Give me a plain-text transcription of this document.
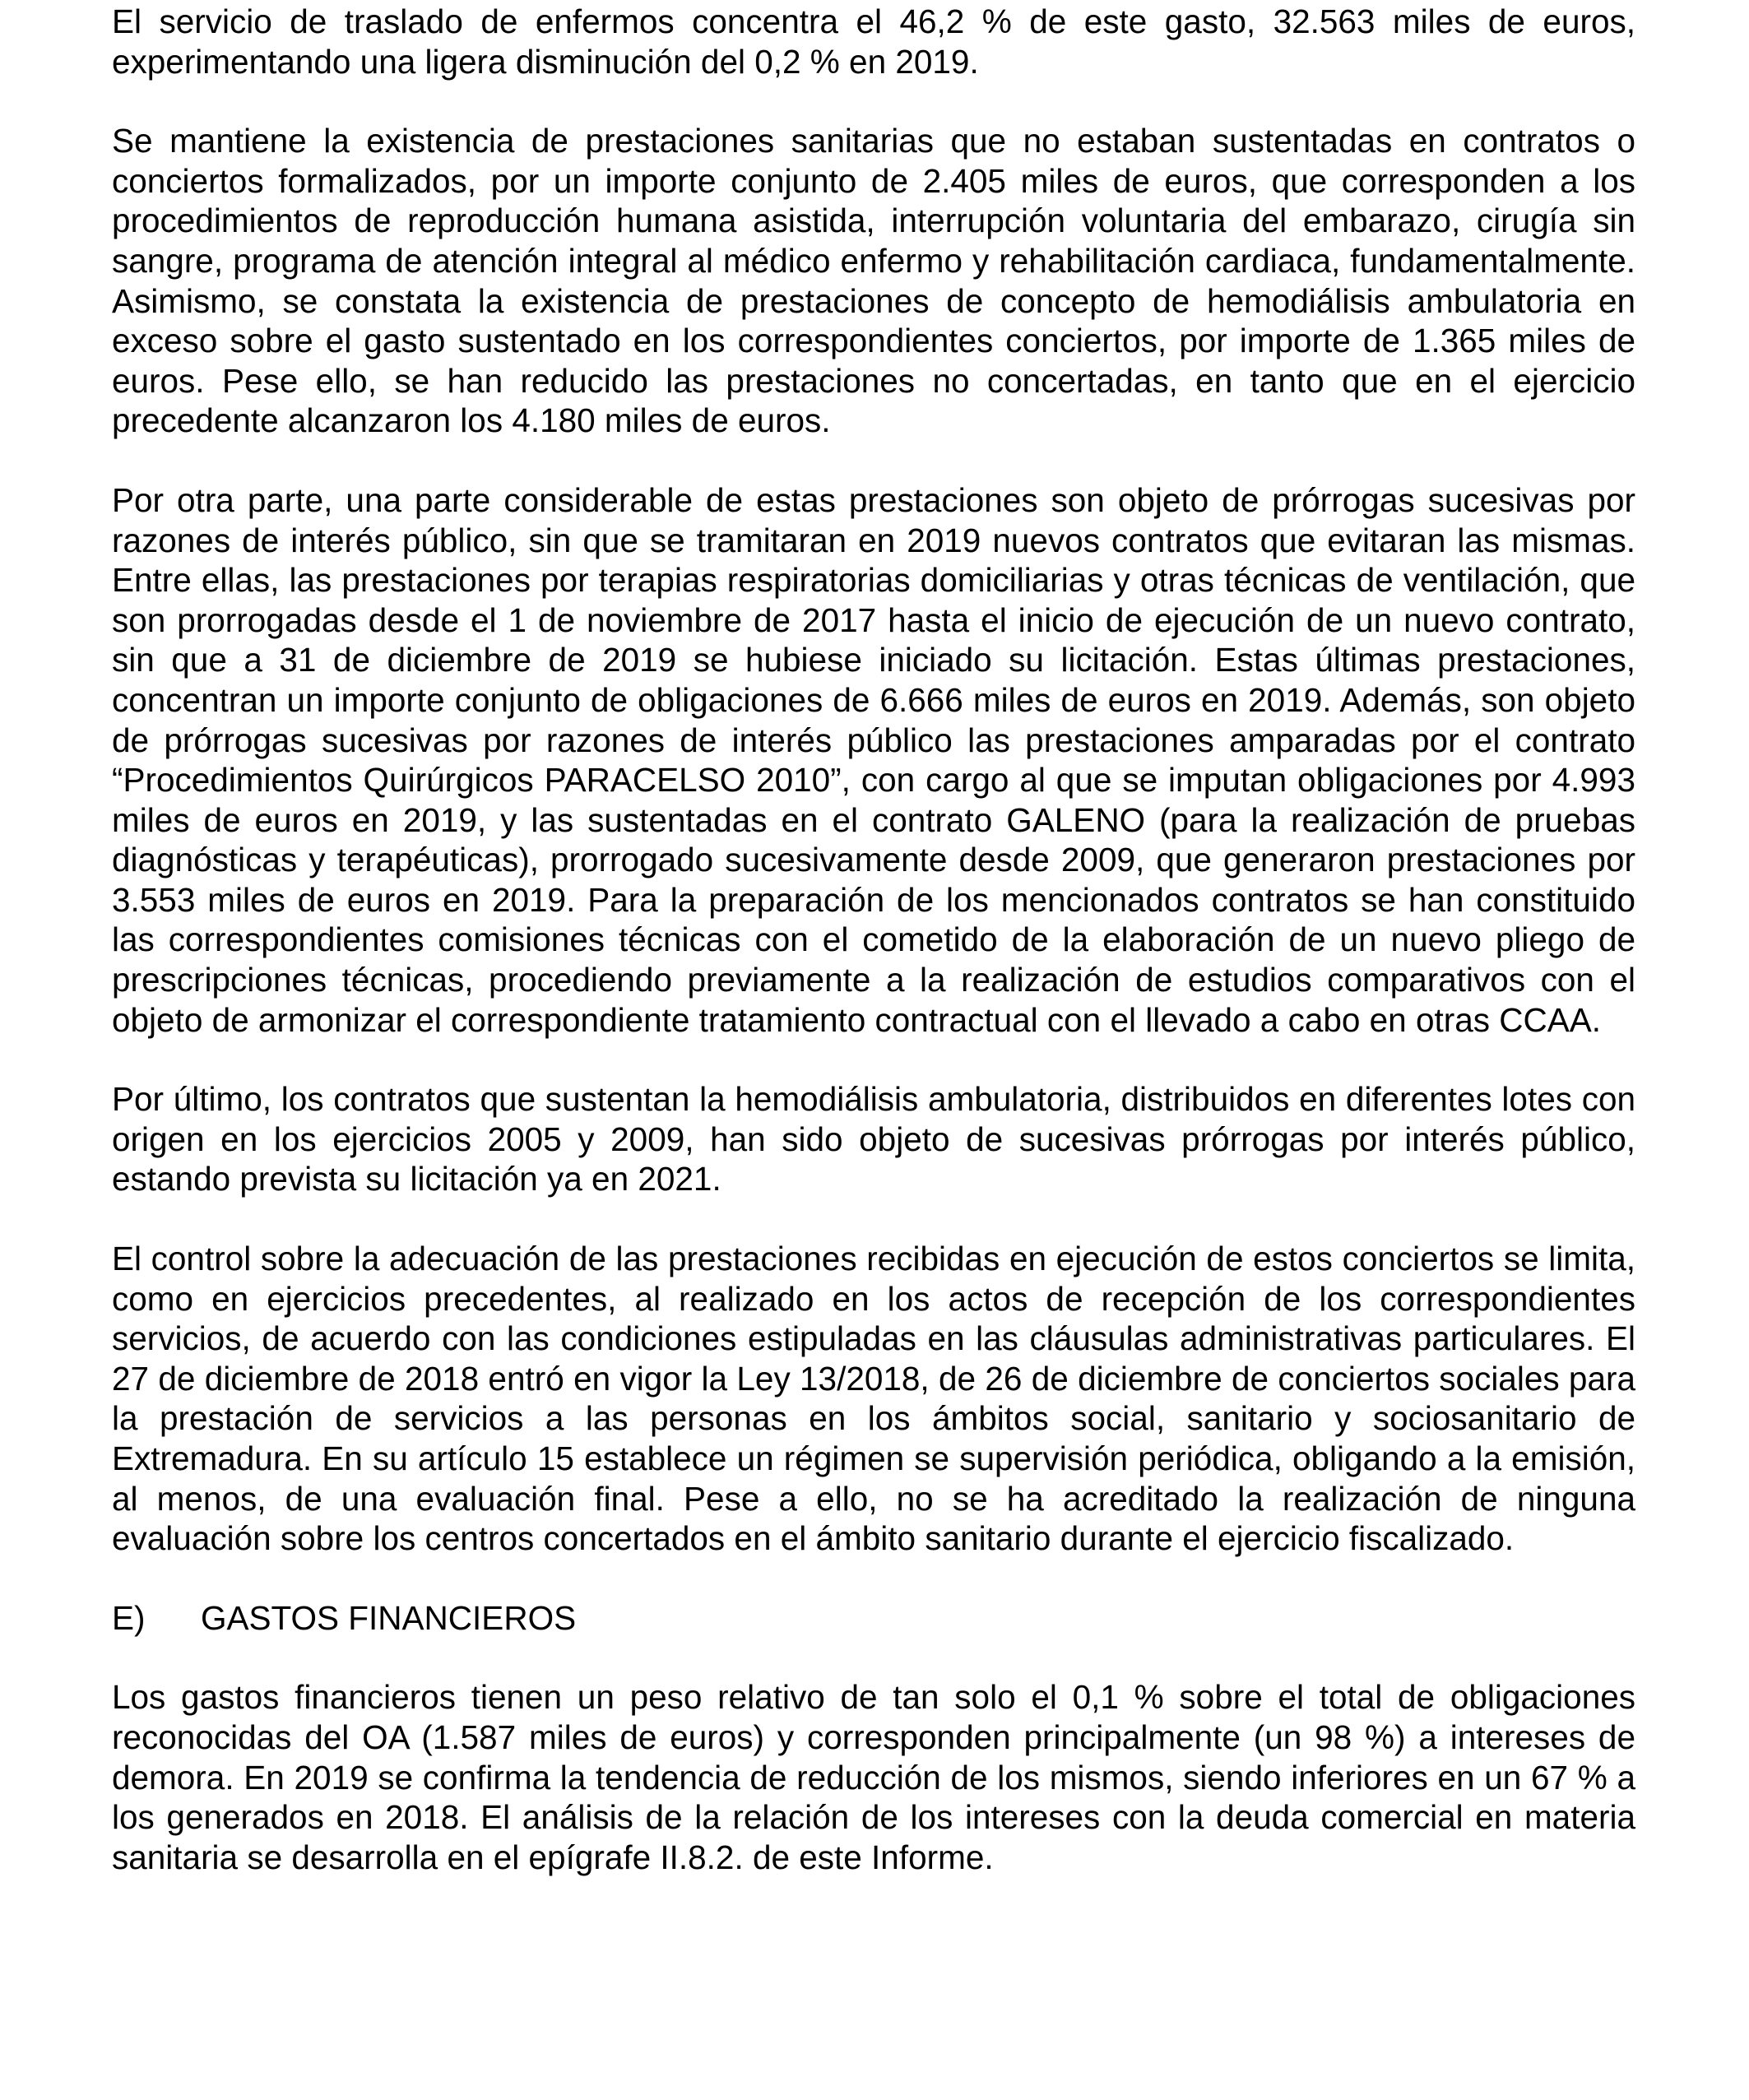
El servicio de traslado de enfermos concentra el 46,2 % de este gasto, 32.563 miles de euros, experimentando una ligera disminución del 0,2 % en 2019.

Se mantiene la existencia de prestaciones sanitarias que no estaban sustentadas en contratos o conciertos formalizados, por un importe conjunto de 2.405 miles de euros, que corresponden a los procedimientos de reproducción humana asistida, interrupción voluntaria del embarazo, cirugía sin sangre, programa de atención integral al médico enfermo y rehabilitación cardiaca, fundamentalmente. Asimismo, se constata la existencia de prestaciones de concepto de hemodiálisis ambulatoria en exceso sobre el gasto sustentado en los correspondientes conciertos, por importe de 1.365 miles de euros. Pese ello, se han reducido las prestaciones no concertadas, en tanto que en el ejercicio precedente alcanzaron los 4.180 miles de euros.

Por otra parte, una parte considerable de estas prestaciones son objeto de prórrogas sucesivas por razones de interés público, sin que se tramitaran en 2019 nuevos contratos que evitaran las mismas. Entre ellas, las prestaciones por terapias respiratorias domiciliarias y otras técnicas de ventilación, que son prorrogadas desde el 1 de noviembre de 2017 hasta el inicio de ejecución de un nuevo contrato, sin que a 31 de diciembre de 2019 se hubiese iniciado su licitación. Estas últimas prestaciones, concentran un importe conjunto de obligaciones de 6.666 miles de euros en 2019. Además, son objeto de prórrogas sucesivas por razones de interés público las prestaciones amparadas por el contrato “Procedimientos Quirúrgicos PARACELSO 2010”, con cargo al que se imputan obligaciones por 4.993 miles de euros en 2019, y las sustentadas en el contrato GALENO (para la realización de pruebas diagnósticas y terapéuticas), prorrogado sucesivamente desde 2009, que generaron prestaciones por 3.553 miles de euros en 2019. Para la preparación de los mencionados contratos se han constituido las correspondientes comisiones técnicas con el cometido de la elaboración de un nuevo pliego de prescripciones técnicas, procediendo previamente a la realización de estudios comparativos con el objeto de armonizar el correspondiente tratamiento contractual con el llevado a cabo en otras CCAA.

Por último, los contratos que sustentan la hemodiálisis ambulatoria, distribuidos en diferentes lotes con origen en los ejercicios 2005 y 2009, han sido objeto de sucesivas prórrogas por interés público, estando prevista su licitación ya en 2021.

El control sobre la adecuación de las prestaciones recibidas en ejecución de estos conciertos se limita, como en ejercicios precedentes, al realizado en los actos de recepción de los correspondientes servicios, de acuerdo con las condiciones estipuladas en las cláusulas administrativas particulares. El 27 de diciembre de 2018 entró en vigor la Ley 13/2018, de 26 de diciembre de conciertos sociales para la prestación de servicios a las personas en los ámbitos social, sanitario y sociosanitario de Extremadura. En su artículo 15 establece un régimen se supervisión periódica, obligando a la emisión, al menos, de una evaluación final. Pese a ello, no se ha acreditado la realización de ninguna evaluación sobre los centros concertados en el ámbito sanitario durante el ejercicio fiscalizado.

E)	GASTOS FINANCIEROS

Los gastos financieros tienen un peso relativo de tan solo el 0,1 % sobre el total de obligaciones reconocidas del OA (1.587 miles de euros) y corresponden principalmente (un 98 %) a intereses de demora. En 2019 se confirma la tendencia de reducción de los mismos, siendo inferiores en un 67 % a los generados en 2018. El análisis de la relación de los intereses con la deuda comercial en materia sanitaria se desarrolla en el epígrafe II.8.2. de este Informe.
